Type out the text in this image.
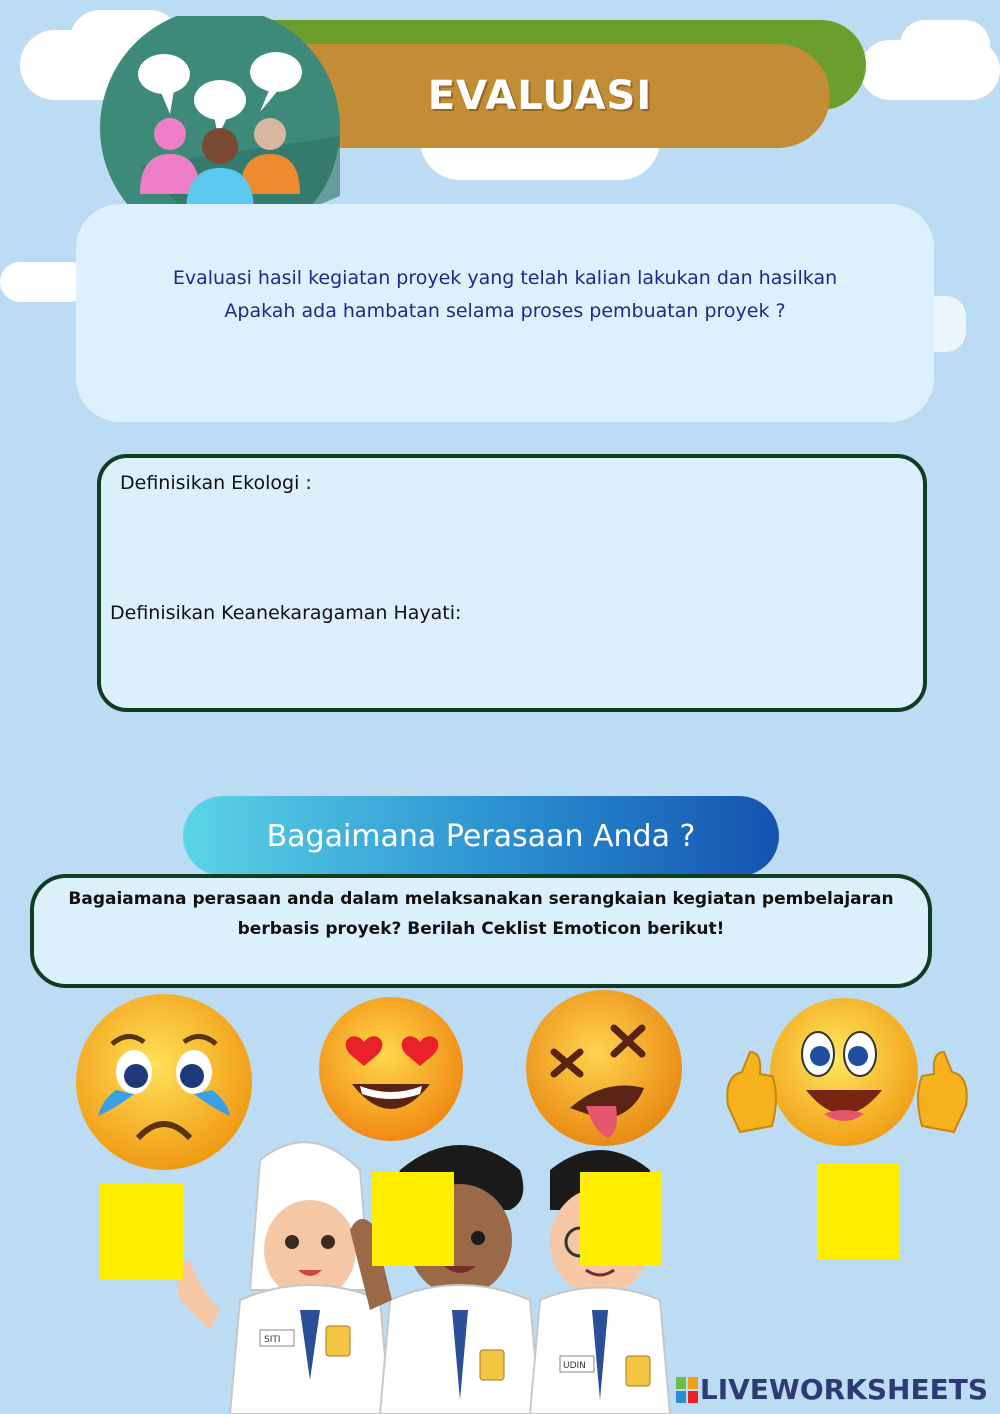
EVALUASI
Evaluasi hasil kegiatan proyek yang telah kalian lakukan dan hasilkan
Apakah ada hambatan selama proses pembuatan proyek ?
Definisikan Ekologi :
Definisikan Keanekaragaman Hayati:
Bagaimana Perasaan Anda ?
Bagaiamana perasaan anda dalam melaksanakan serangkaian kegiatan pembelajaran
berbasis proyek? Berilah Ceklist Emoticon berikut!
SITI
UDIN
LIVEWORKSHEETS
